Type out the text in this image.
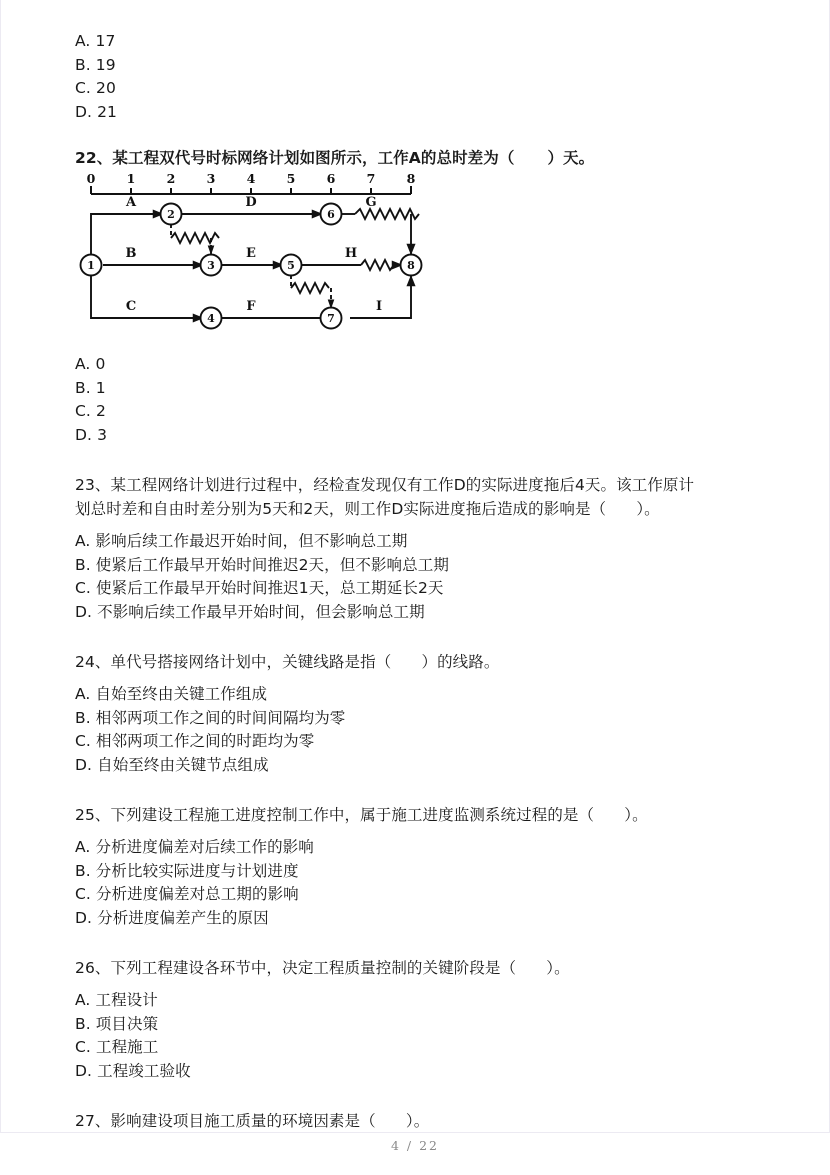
A. 17
B. 19
C. 20
D. 21
22、某工程双代号时标网络计划如图所示，工作A的总时差为（      ）天。
0	1	2	3	4	5	6	7	8
1
2
3
4
5
6
7
8
A	D	G
B	E	H
C	F	I
A. 0
B. 1
C. 2
D. 3
23、某工程网络计划进行过程中，经检查发现仅有工作D的实际进度拖后4天。该工作原计
划总时差和自由时差分别为5天和2天，则工作D实际进度拖后造成的影响是（      ）。
A. 影响后续工作最迟开始时间，但不影响总工期
B. 使紧后工作最早开始时间推迟2天，但不影响总工期
C. 使紧后工作最早开始时间推迟1天，总工期延长2天
D. 不影响后续工作最早开始时间，但会影响总工期
24、单代号搭接网络计划中，关键线路是指（      ）的线路。
A. 自始至终由关键工作组成
B. 相邻两项工作之间的时间间隔均为零
C. 相邻两项工作之间的时距均为零
D. 自始至终由关键节点组成
25、下列建设工程施工进度控制工作中，属于施工进度监测系统过程的是（      ）。
A. 分析进度偏差对后续工作的影响
B. 分析比较实际进度与计划进度
C. 分析进度偏差对总工期的影响
D. 分析进度偏差产生的原因
26、下列工程建设各环节中，决定工程质量控制的关键阶段是（      ）。
A. 工程设计
B. 项目决策
C. 工程施工
D. 工程竣工验收
27、影响建设项目施工质量的环境因素是（      ）。
4 / 22
